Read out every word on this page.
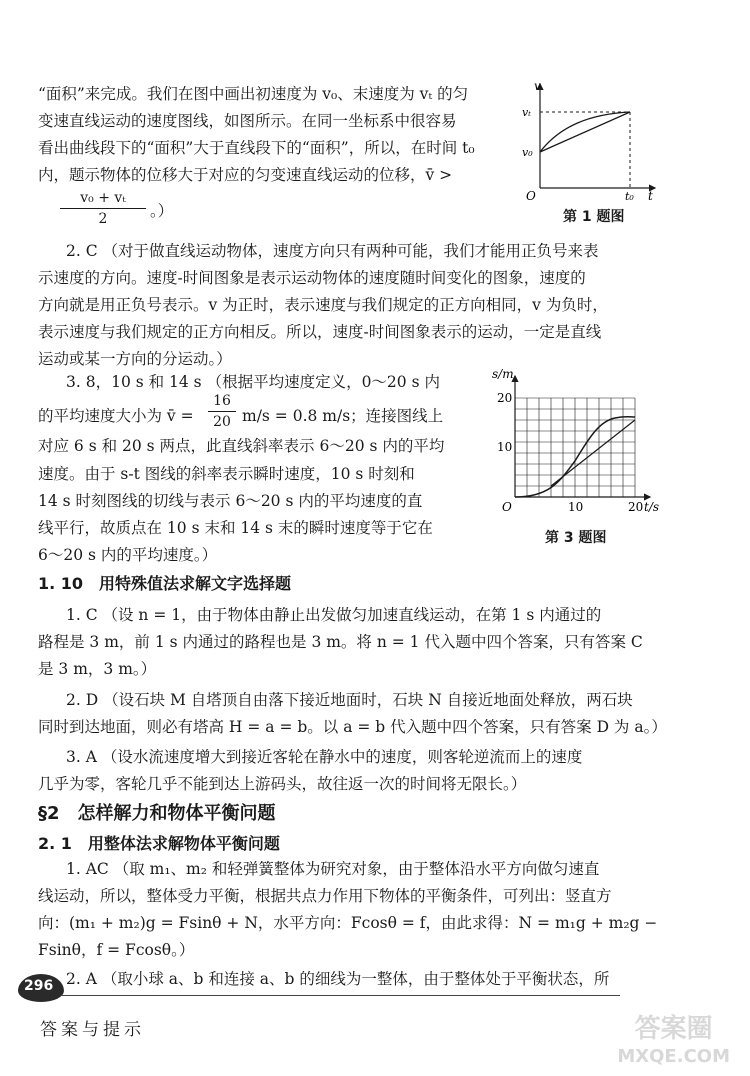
“面积”来完成。我们在图中画出初速度为 v₀、末速度为 vₜ 的匀
变速直线运动的速度图线，如图所示。在同一坐标系中很容易
看出曲线段下的“面积”大于直线段下的“面积”，所以，在时间 t₀
内，题示物体的位移大于对应的匀变速直线运动的位移，v̄ >
v₀ + vₜ
2	。）
v
vₜ
v₀
O	t₀ t
第 1 题图
2. C （对于做直线运动物体，速度方向只有两种可能，我们才能用正负号来表
示速度的方向。速度-时间图象是表示运动物体的速度随时间变化的图象，速度的
方向就是用正负号表示。v 为正时，表示速度与我们规定的正方向相同，v 为负时，
表示速度与我们规定的正方向相反。所以，速度-时间图象表示的运动，一定是直线
运动或某一方向的分运动。）
3. 8，10 s 和 14 s （根据平均速度定义，0～20 s 内
的平均速度大小为 v̄ =
16
20 m/s = 0.8 m/s；连接图线上
对应 6 s 和 20 s 两点，此直线斜率表示 6～20 s 内的平均
速度。由于 s-t 图线的斜率表示瞬时速度，10 s 时刻和
14 s 时刻图线的切线与表示 6～20 s 内的平均速度的直
线平行，故质点在 10 s 末和 14 s 末的瞬时速度等于它在
6～20 s 内的平均速度。）
s/m
20
10
O	10	20 t/s
第 3 题图
1. 10　用特殊值法求解文字选择题
1. C （设 n = 1，由于物体由静止出发做匀加速直线运动，在第 1 s 内通过的
路程是 3 m，前 1 s 内通过的路程也是 3 m。将 n = 1 代入题中四个答案，只有答案 C
是 3 m，3 m。）
2. D （设石块 M 自塔顶自由落下接近地面时，石块 N 自接近地面处释放，两石块
同时到达地面，则必有塔高 H = a = b。以 a = b 代入题中四个答案，只有答案 D 为 a。）
3. A （设水流速度增大到接近客轮在静水中的速度，则客轮逆流而上的速度
几乎为零，客轮几乎不能到达上游码头，故往返一次的时间将无限长。）
§2　怎样解力和物体平衡问题
2. 1　用整体法求解物体平衡问题
1. AC （取 m₁、m₂ 和轻弹簧整体为研究对象，由于整体沿水平方向做匀速直
线运动，所以，整体受力平衡，根据共点力作用下物体的平衡条件，可列出：竖直方
向：(m₁ + m₂)g = Fsinθ + N，水平方向：Fcosθ = f，由此求得：N = m₁g + m₂g −
Fsinθ，f = Fcosθ。）
2. A （取小球 a、b 和连接 a、b 的细线为一整体，由于整体处于平衡状态，所
296
答案与提示	答案圈
MXQE.COM
